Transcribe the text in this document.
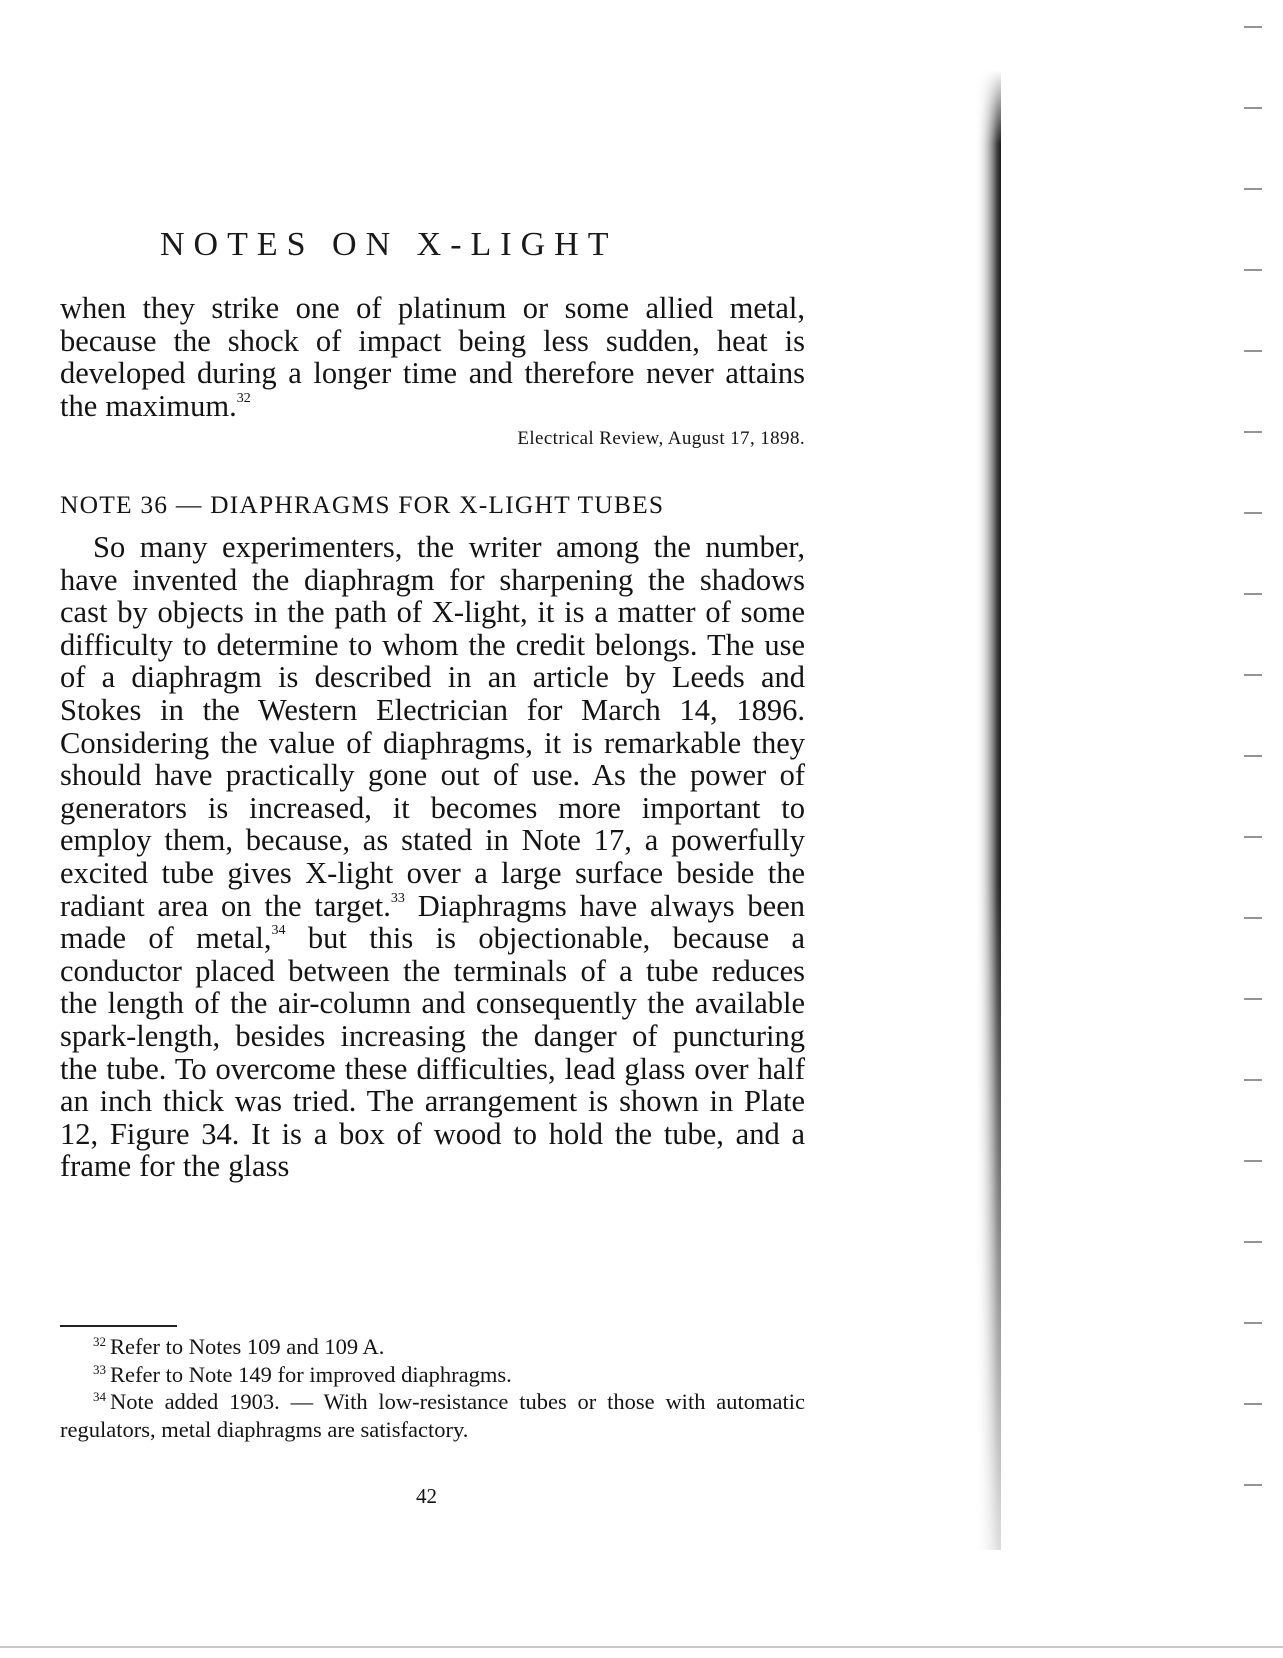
NOTES ON X-LIGHT

when they strike one of platinum or some allied metal, because the shock of impact being less sudden, heat is developed during a longer time and therefore never attains the maximum.$^{32}$

Electrical Review, August 17, 1898.
NOTE 36 — DIAPHRAGMS FOR X-LIGHT TUBES

So many experimenters, the writer among the number, have invented the diaphragm for sharpening the shadows cast by objects in the path of X-light, it is a matter of some difficulty to determine to whom the credit belongs. The use of a diaphragm is described in an article by Leeds and Stokes in the Western Electrician for March 14, 1896. Considering the value of diaphragms, it is remarkable they should have practically gone out of use. As the power of generators is increased, it becomes more important to employ them, because, as stated in Note 17, a powerfully excited tube gives X-light over a large surface beside the radiant area on the target.$^{33}$ Diaphragms have always been made of metal,$^{34}$ but this is objectionable, because a conductor placed between the terminals of a tube reduces the length of the air-column and consequently the available spark-length, besides increasing the danger of puncturing the tube. To overcome these difficulties, lead glass over half an inch thick was tried. The arrangement is shown in Plate 12, Figure 34. It is a box of wood to hold the tube, and a frame for the glass

$^{32}$ Refer to Notes 109 and 109 A.

$^{33}$ Refer to Note 149 for improved diaphragms.

$^{34}$ Note added 1903. — With low-resistance tubes or those with automatic regulators, metal diaphragms are satisfactory.

42
